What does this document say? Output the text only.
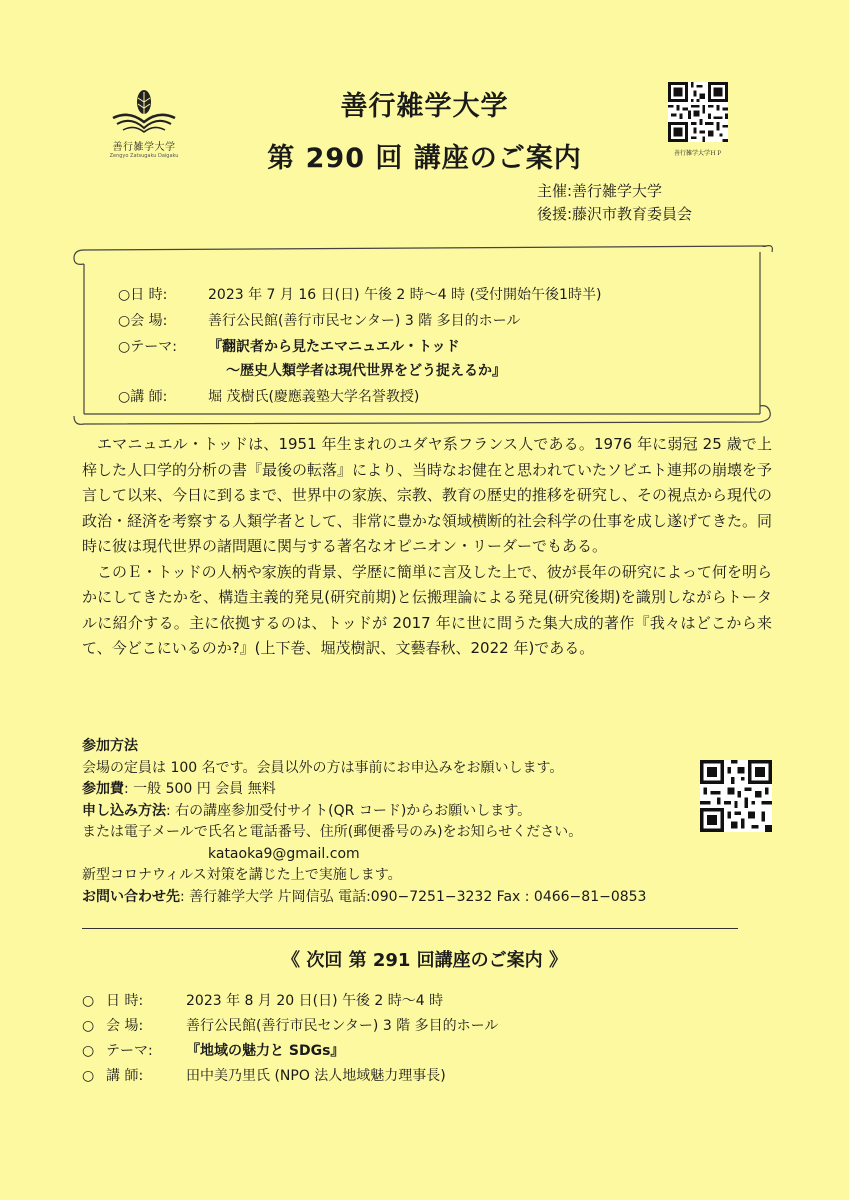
善行雑学大学
Zengyo Zatsugaku Daigaku
善行雑学大学
第 290 回 講座のご案内	善行雑学大学ＨＰ
主催:善行雑学大学
後援:藤沢市教育委員会
○日 時:	2023 年 7 月 16 日(日) 午後 2 時～4 時 (受付開始午後1時半)
○会 場:	善行公民館(善行市民センター) 3 階 多目的ホール
○テーマ: 『翻訳者から見たエマニュエル・トッド
～歴史人類学者は現代世界をどう捉えるか』
○講 師:	堀 茂樹氏(慶應義塾大学名誉教授)

エマニュエル・トッドは、1951 年生まれのユダヤ系フランス人である。1976 年に弱冠 25 歳で上梓した人口学的分析の書『最後の転落』により、当時なお健在と思われていたソビエト連邦の崩壊を予言して以来、今日に到るまで、世界中の家族、宗教、教育の歴史的推移を研究し、その視点から現代の政治・経済を考察する人類学者として、非常に豊かな領域横断的社会科学の仕事を成し遂げてきた。同時に彼は現代世界の諸問題に関与する著名なオピニオン・リーダーでもある。

このＥ・トッドの人柄や家族的背景、学歴に簡単に言及した上で、彼が長年の研究によって何を明らかにしてきたかを、構造主義的発見(研究前期)と伝搬理論による発見(研究後期)を識別しながらトータルに紹介する。主に依拠するのは、トッドが 2017 年に世に問うた集大成的著作『我々はどこから来て、今どこにいるのか?』(上下巻、堀茂樹訳、文藝春秋、2022 年)である。

参加方法
会場の定員は 100 名です。会員以外の方は事前にお申込みをお願いします。
参加費: 一般 500 円 会員 無料
申し込み方法: 右の講座参加受付サイト(QR コード)からお願いします。
または電子メールで氏名と電話番号、住所(郵便番号のみ)をお知らせください。
kataoka9@gmail.com
新型コロナウィルス対策を講じた上で実施します。
お問い合わせ先: 善行雑学大学 片岡信弘 電話:090−7251−3232 Fax : 0466−81−0853
《 次回 第 291 回講座のご案内 》
○ 日 時:	2023 年 8 月 20 日(日) 午後 2 時～4 時
○ 会 場:	善行公民館(善行市民センター) 3 階 多目的ホール
○ テーマ: 『地域の魅力と SDGs』
○ 講 師:	田中美乃里氏 (NPO 法人地域魅力理事長)
